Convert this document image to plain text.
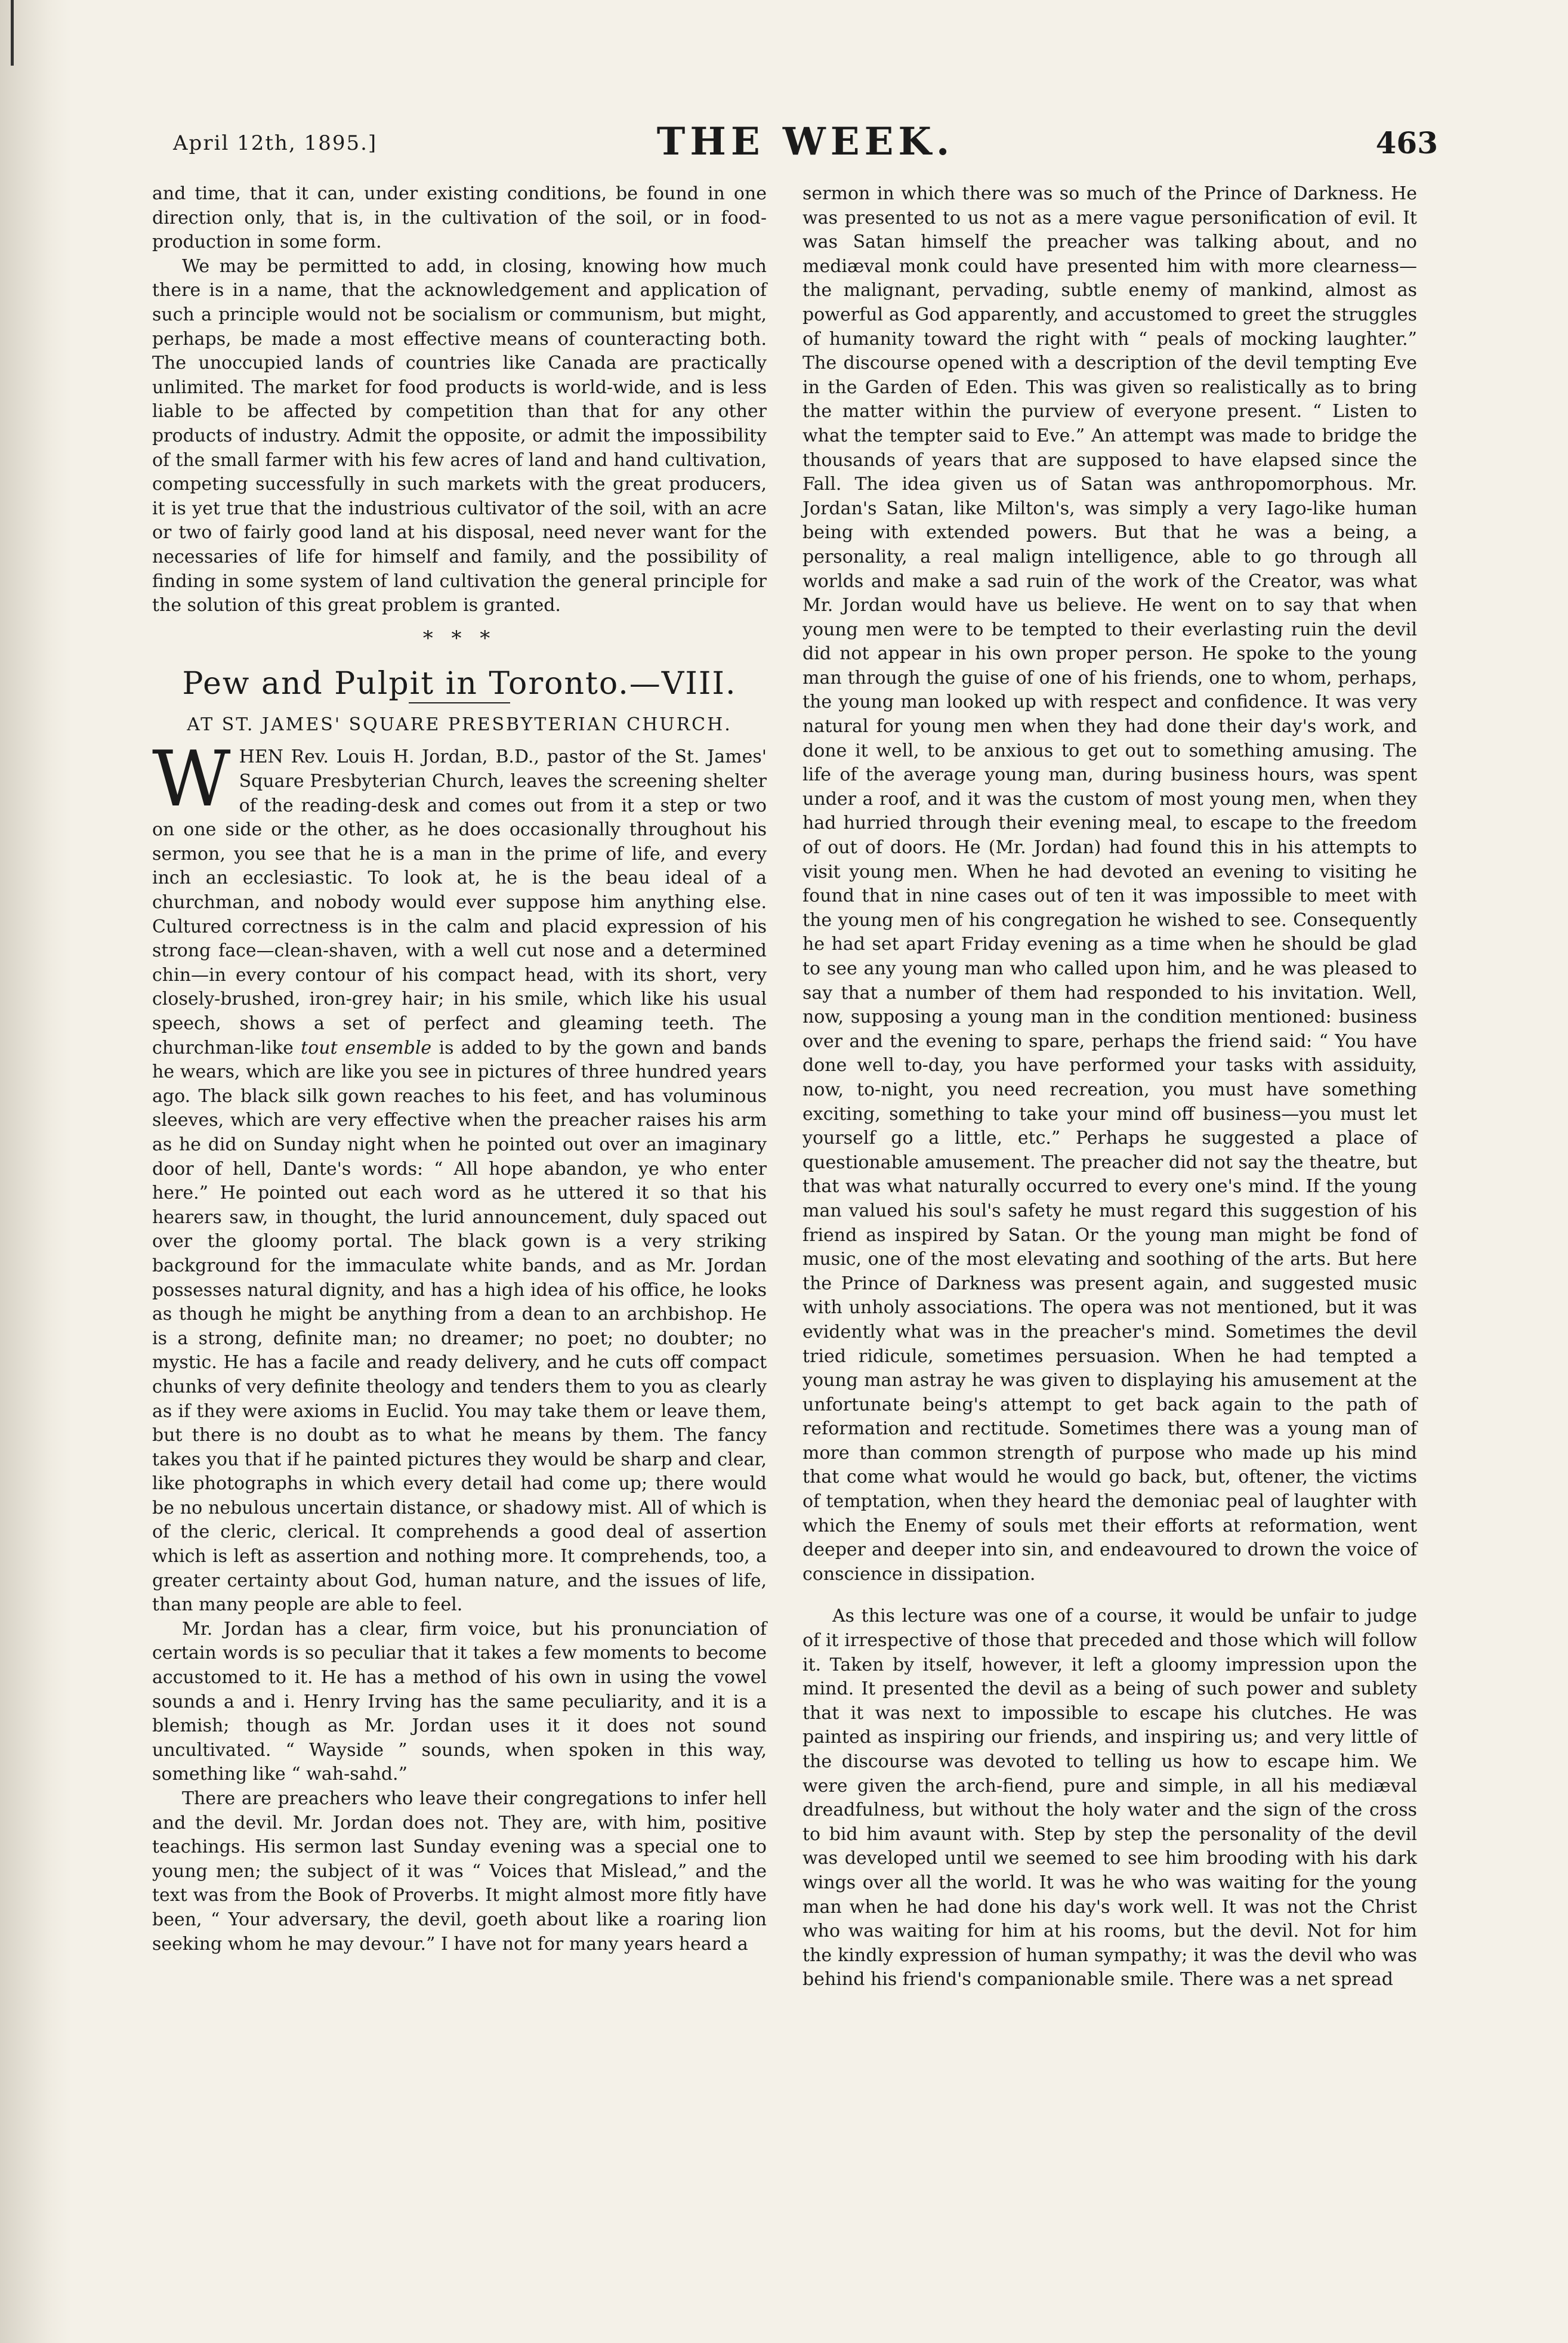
April 12th, 1895.]	THE WEEK.	463

and time, that it can, under existing conditions, be found in one direction only, that is, in the cultivation of the soil, or in food-production in some form.

We may be permitted to add, in closing, knowing how much there is in a name, that the acknowledgement and application of such a principle would not be socialism or communism, but might, perhaps, be made a most effective means of counteracting both. The unoccupied lands of countries like Canada are practically unlimited. The market for food products is world-wide, and is less liable to be affected by competition than that for any other products of industry. Admit the opposite, or admit the impossibility of the small farmer with his few acres of land and hand cultivation, competing successfully in such markets with the great producers, it is yet true that the industrious cultivator of the soil, with an acre or two of fairly good land at his disposal, need never want for the necessaries of life for himself and family, and the possibility of finding in some system of land cultivation the general principle for the solution of this great problem is granted.

* * *
Pew and Pulpit in Toronto.—VIII.
AT ST. JAMES' SQUARE PRESBYTERIAN CHURCH.

WHEN Rev. Louis H. Jordan, B.D., pastor of the St. James' Square Presbyterian Church, leaves the screening shelter of the reading-desk and comes out from it a step or two on one side or the other, as he does occasionally throughout his sermon, you see that he is a man in the prime of life, and every inch an ecclesiastic. To look at, he is the beau ideal of a churchman, and nobody would ever suppose him anything else. Cultured correctness is in the calm and placid expression of his strong face—clean-shaven, with a well cut nose and a determined chin—in every contour of his compact head, with its short, very closely-brushed, iron-grey hair; in his smile, which like his usual speech, shows a set of perfect and gleaming teeth. The churchman-like tout ensemble is added to by the gown and bands he wears, which are like you see in pictures of three hundred years ago. The black silk gown reaches to his feet, and has voluminous sleeves, which are very effective when the preacher raises his arm as he did on Sunday night when he pointed out over an imaginary door of hell, Dante's words: “ All hope abandon, ye who enter here.” He pointed out each word as he uttered it so that his hearers saw, in thought, the lurid announcement, duly spaced out over the gloomy portal. The black gown is a very striking background for the immaculate white bands, and as Mr. Jordan possesses natural dignity, and has a high idea of his office, he looks as though he might be anything from a dean to an archbishop. He is a strong, definite man; no dreamer; no poet; no doubter; no mystic. He has a facile and ready delivery, and he cuts off compact chunks of very definite theology and tenders them to you as clearly as if they were axioms in Euclid. You may take them or leave them, but there is no doubt as to what he means by them. The fancy takes you that if he painted pictures they would be sharp and clear, like photographs in which every detail had come up; there would be no nebulous uncertain distance, or shadowy mist. All of which is of the cleric, clerical. It comprehends a good deal of assertion which is left as assertion and nothing more. It comprehends, too, a greater certainty about God, human nature, and the issues of life, than many people are able to feel.

Mr. Jordan has a clear, firm voice, but his pronunciation of certain words is so peculiar that it takes a few moments to become accustomed to it. He has a method of his own in using the vowel sounds a and i. Henry Irving has the same peculiarity, and it is a blemish; though as Mr. Jordan uses it it does not sound uncultivated. “ Wayside ” sounds, when spoken in this way, something like “ wah-sahd.”

There are preachers who leave their congregations to infer hell and the devil. Mr. Jordan does not. They are, with him, positive teachings. His sermon last Sunday evening was a special one to young men; the subject of it was “ Voices that Mislead,” and the text was from the Book of Proverbs. It might almost more fitly have been, “ Your adversary, the devil, goeth about like a roaring lion seeking whom he may devour.” I have not for many years heard a

sermon in which there was so much of the Prince of Darkness. He was presented to us not as a mere vague personification of evil. It was Satan himself the preacher was talking about, and no mediæval monk could have presented him with more clearness—the malignant, pervading, subtle enemy of mankind, almost as powerful as God apparently, and accustomed to greet the struggles of humanity toward the right with “ peals of mocking laughter.” The discourse opened with a description of the devil tempting Eve in the Garden of Eden. This was given so realistically as to bring the matter within the purview of everyone present. “ Listen to what the tempter said to Eve.” An attempt was made to bridge the thousands of years that are supposed to have elapsed since the Fall. The idea given us of Satan was anthropomorphous. Mr. Jordan's Satan, like Milton's, was simply a very Iago-like human being with extended powers. But that he was a being, a personality, a real malign intelligence, able to go through all worlds and make a sad ruin of the work of the Creator, was what Mr. Jordan would have us believe. He went on to say that when young men were to be tempted to their everlasting ruin the devil did not appear in his own proper person. He spoke to the young man through the guise of one of his friends, one to whom, perhaps, the young man looked up with respect and confidence. It was very natural for young men when they had done their day's work, and done it well, to be anxious to get out to something amusing. The life of the average young man, during business hours, was spent under a roof, and it was the custom of most young men, when they had hurried through their evening meal, to escape to the freedom of out of doors. He (Mr. Jordan) had found this in his attempts to visit young men. When he had devoted an evening to visiting he found that in nine cases out of ten it was impossible to meet with the young men of his congregation he wished to see. Consequently he had set apart Friday evening as a time when he should be glad to see any young man who called upon him, and he was pleased to say that a number of them had responded to his invitation. Well, now, supposing a young man in the condition mentioned: business over and the evening to spare, perhaps the friend said: “ You have done well to-day, you have performed your tasks with assiduity, now, to-night, you need recreation, you must have something exciting, something to take your mind off business—you must let yourself go a little, etc.” Perhaps he suggested a place of questionable amusement. The preacher did not say the theatre, but that was what naturally occurred to every one's mind. If the young man valued his soul's safety he must regard this suggestion of his friend as inspired by Satan. Or the young man might be fond of music, one of the most elevating and soothing of the arts. But here the Prince of Darkness was present again, and suggested music with unholy associations. The opera was not mentioned, but it was evidently what was in the preacher's mind. Sometimes the devil tried ridicule, sometimes persuasion. When he had tempted a young man astray he was given to displaying his amusement at the unfortunate being's attempt to get back again to the path of reformation and rectitude. Sometimes there was a young man of more than common strength of purpose who made up his mind that come what would he would go back, but, oftener, the victims of temptation, when they heard the demoniac peal of laughter with which the Enemy of souls met their efforts at reformation, went deeper and deeper into sin, and endeavoured to drown the voice of conscience in dissipation.

As this lecture was one of a course, it would be unfair to judge of it irrespective of those that preceded and those which will follow it. Taken by itself, however, it left a gloomy impression upon the mind. It presented the devil as a being of such power and sublety that it was next to impossible to escape his clutches. He was painted as inspiring our friends, and inspiring us; and very little of the discourse was devoted to telling us how to escape him. We were given the arch-fiend, pure and simple, in all his mediæval dreadfulness, but without the holy water and the sign of the cross to bid him avaunt with. Step by step the personality of the devil was developed until we seemed to see him brooding with his dark wings over all the world. It was he who was waiting for the young man when he had done his day's work well. It was not the Christ who was waiting for him at his rooms, but the devil. Not for him the kindly expression of human sympathy; it was the devil who was behind his friend's companionable smile. There was a net spread
